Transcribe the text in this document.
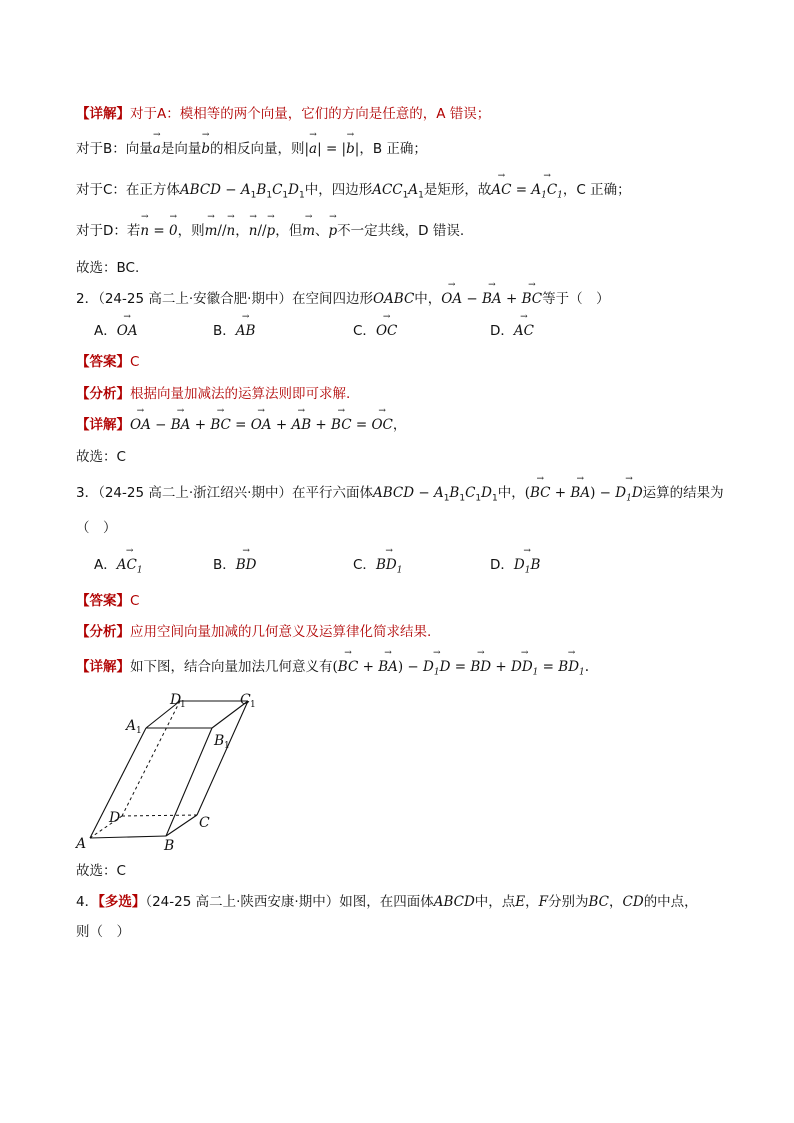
【详解】对于A：模相等的两个向量，它们的方向是任意的，A 错误；
对于B：向量→ a是向量→ b的相反向量，则|→ a| = |→ b|，B 正确；
对于C：在正方体ABCD − $A_1B_1C_1D_1$中，四边形$ACC_1A_1$是矩形，故→ AC = → $A_1C_1$，C 正确；
对于D：若→ n = → 0，则→ m//→ n，→ n//→ p，但→ m、→ p不一定共线，D 错误.
故选：BC.
2．（24-25 高二上·安徽合肥·期中）在空间四边形OABC中，→ OA − → BA + → BC等于（　）
A．→ OA	B．→ AB	C．→ OC	D．→ AC
【答案】C
【分析】根据向量加减法的运算法则即可求解.
【详解】→ OA − → BA + → BC = → OA + → AB + → BC = → OC，
故选：C
3．（24-25 高二上·浙江绍兴·期中）在平行六面体ABCD − $A_1B_1C_1D_1$中，(→ BC + → BA) − → $D_1D$运算的结果为
（　）
A．→ $AC_1$	B．→ BD	C．→ $BD_1$	D．→ $D_1B$
【答案】C
【分析】应用空间向量加减的几何意义及运算律化简求结果.
【详解】如下图，结合向量加法几何意义有(→ BC + → BA) − → $D_1D$ = → BD + → $DD_1$ = → $BD_1$.
D
1	C 1
A 1
B 1
D	C
A	B
故选：C
4．【多选】（24-25 高二上·陕西安康·期中）如图，在四面体ABCD中，点E，F分别为BC，CD的中点，
则（　）
